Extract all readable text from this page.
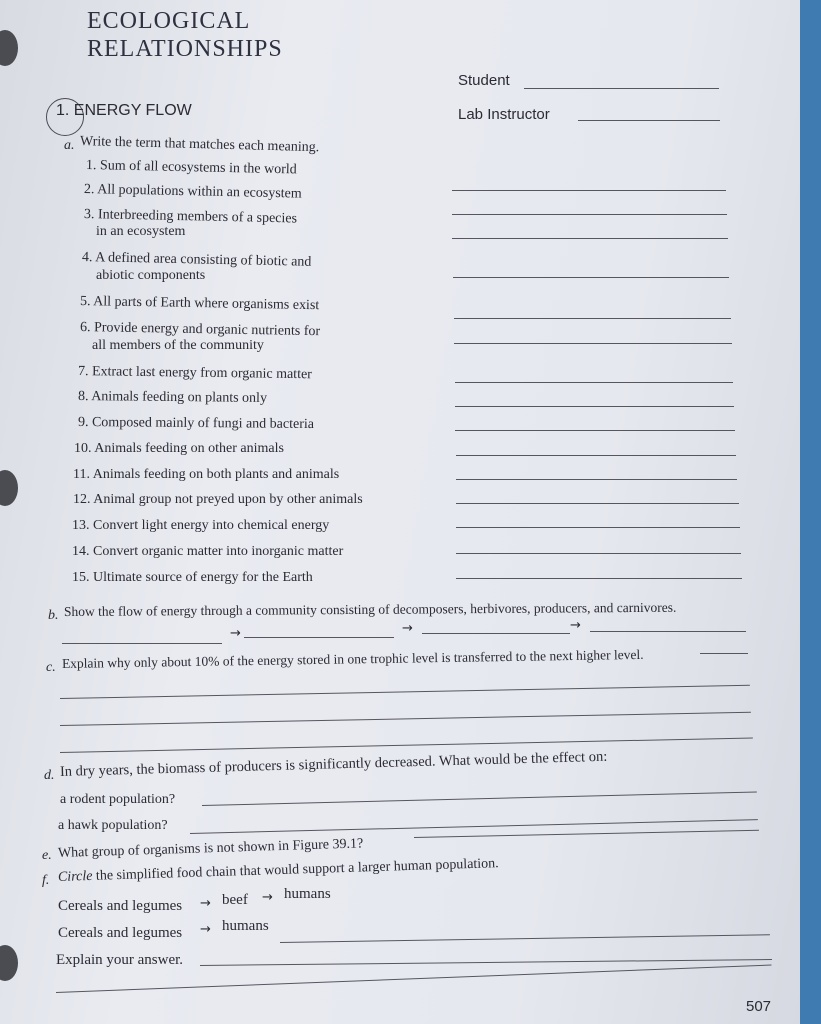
ECOLOGICAL
RELATIONSHIPS
Student
Lab Instructor
1. ENERGY FLOW
a. Write the term that matches each meaning.
1. Sum of all ecosystems in the world
2. All populations within an ecosystem
3. Interbreeding members of a species
in an ecosystem
4. A defined area consisting of biotic and
abiotic components
5. All parts of Earth where organisms exist
6. Provide energy and organic nutrients for
all members of the community
7. Extract last energy from organic matter
8. Animals feeding on plants only
9. Composed mainly of fungi and bacteria
10. Animals feeding on other animals
11. Animals feeding on both plants and animals
12. Animal group not preyed upon by other animals
13. Convert light energy into chemical energy
14. Convert organic matter into inorganic matter
15. Ultimate source of energy for the Earth
b. Show the flow of energy through a community consisting of decomposers, herbivores, producers, and carnivores.
→	→	→
c. Explain why only about 10% of the energy stored in one trophic level is transferred to the next higher level.
d. In dry years, the biomass of producers is significantly decreased. What would be the effect on:
a rodent population?
a hawk population?
e. What group of organisms is not shown in Figure 39.1?
f. Circle the simplified food chain that would support a larger human population.
Cereals and legumes → beef → humans
Cereals and legumes → humans
Explain your answer.
507
